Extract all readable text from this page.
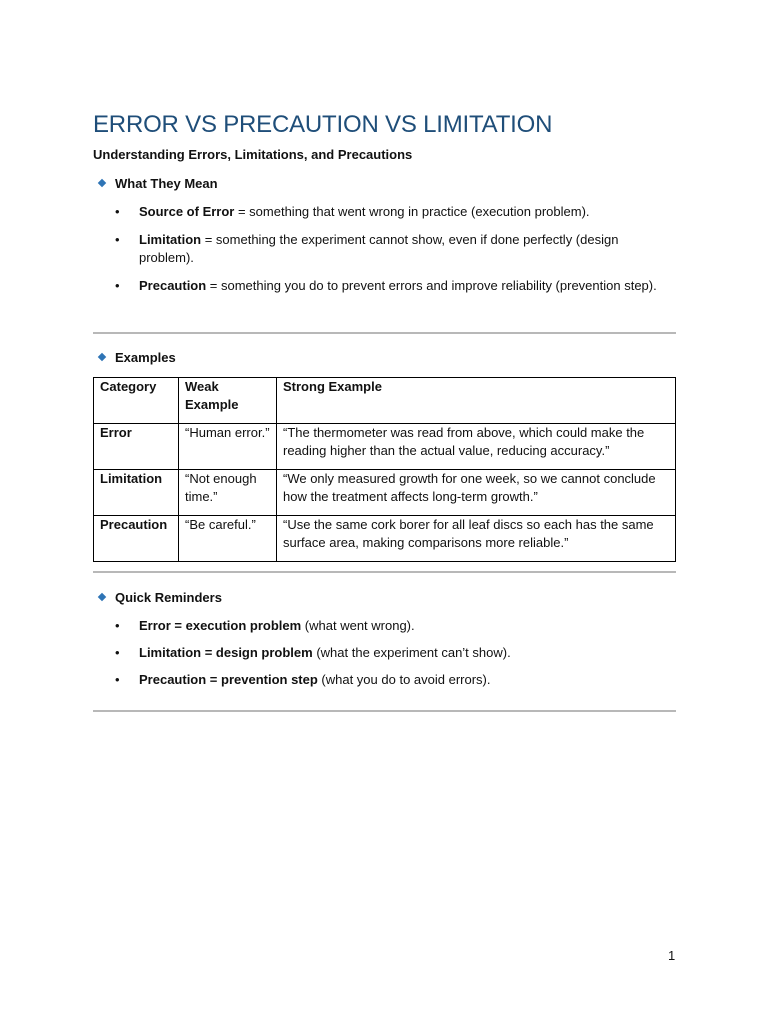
ERROR VS PRECAUTION VS LIMITATION
Understanding Errors, Limitations, and Precautions
What They Mean
• Source of Error = something that went wrong in practice (execution problem).
• Limitation = something the experiment cannot show, even if done perfectly (design problem).
• Precaution = something you do to prevent errors and improve reliability (prevention step).
Examples
Category	Weak Example	Strong Example
Error	“Human error.”	“The thermometer was read from above, which could make the reading higher than the actual value, reducing accuracy.”
Limitation	“Not enough time.”	“We only measured growth for one week, so we cannot conclude how the treatment affects long-term growth.”
Precaution	“Be careful.”	“Use the same cork borer for all leaf discs so each has the same surface area, making comparisons more reliable.”
Quick Reminders
• Error = execution problem (what went wrong).
• Limitation = design problem (what the experiment can’t show).
• Precaution = prevention step (what you do to avoid errors).
1
